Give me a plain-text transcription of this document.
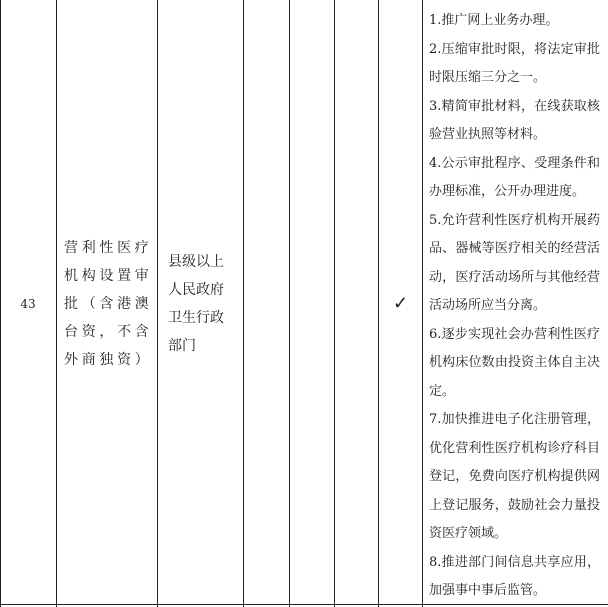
43
营利性医疗机构设置审批（含港澳台资，不含外商独资）
县级以上人民政府卫生行政部门
✓

1.推广网上业务办理。

2.压缩审批时限，将法定审批时限压缩三分之一。

3.精简审批材料，在线获取核验营业执照等材料。

4.公示审批程序、受理条件和办理标准，公开办理进度。

5.允许营利性医疗机构开展药品、器械等医疗相关的经营活动，医疗活动场所与其他经营活动场所应当分离。

6.逐步实现社会办营利性医疗机构床位数由投资主体自主决定。

7.加快推进电子化注册管理，优化营利性医疗机构诊疗科目登记，免费向医疗机构提供网上登记服务，鼓励社会力量投资医疗领域。

8.推进部门间信息共享应用，加强事中事后监管。
